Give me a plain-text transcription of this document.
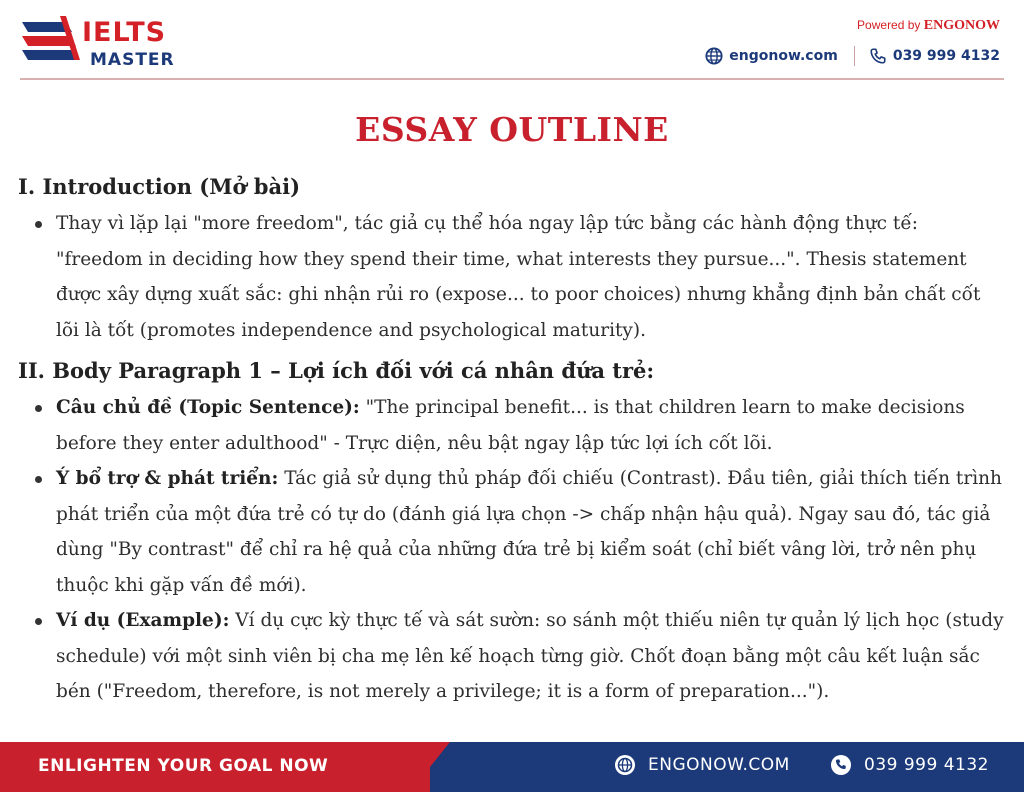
IELTS
MASTER
Powered by ENGONOW
engonow.com	039 999 4132
ESSAY OUTLINE
I. Introduction (Mở bài)
Thay vì lặp lại "more freedom", tác giả cụ thể hóa ngay lập tức bằng các hành động thực tế: "freedom in deciding how they spend their time, what interests they pursue...". Thesis statement được xây dựng xuất sắc: ghi nhận rủi ro (expose... to poor choices) nhưng khẳng định bản chất cốt lõi là tốt (promotes independence and psychological maturity).
II. Body Paragraph 1 – Lợi ích đối với cá nhân đứa trẻ:
Câu chủ đề (Topic Sentence): "The principal benefit... is that children learn to make decisions before they enter adulthood" - Trực diện, nêu bật ngay lập tức lợi ích cốt lõi.
Ý bổ trợ & phát triển: Tác giả sử dụng thủ pháp đối chiếu (Contrast). Đầu tiên, giải thích tiến trình phát triển của một đứa trẻ có tự do (đánh giá lựa chọn -> chấp nhận hậu quả). Ngay sau đó, tác giả dùng "By contrast" để chỉ ra hệ quả của những đứa trẻ bị kiểm soát (chỉ biết vâng lời, trở nên phụ thuộc khi gặp vấn đề mới).
Ví dụ (Example): Ví dụ cực kỳ thực tế và sát sườn: so sánh một thiếu niên tự quản lý lịch học (study schedule) với một sinh viên bị cha mẹ lên kế hoạch từng giờ. Chốt đoạn bằng một câu kết luận sắc bén ("Freedom, therefore, is not merely a privilege; it is a form of preparation...").
ENLIGHTEN YOUR GOAL NOW	ENGONOW.COM	039 999 4132
